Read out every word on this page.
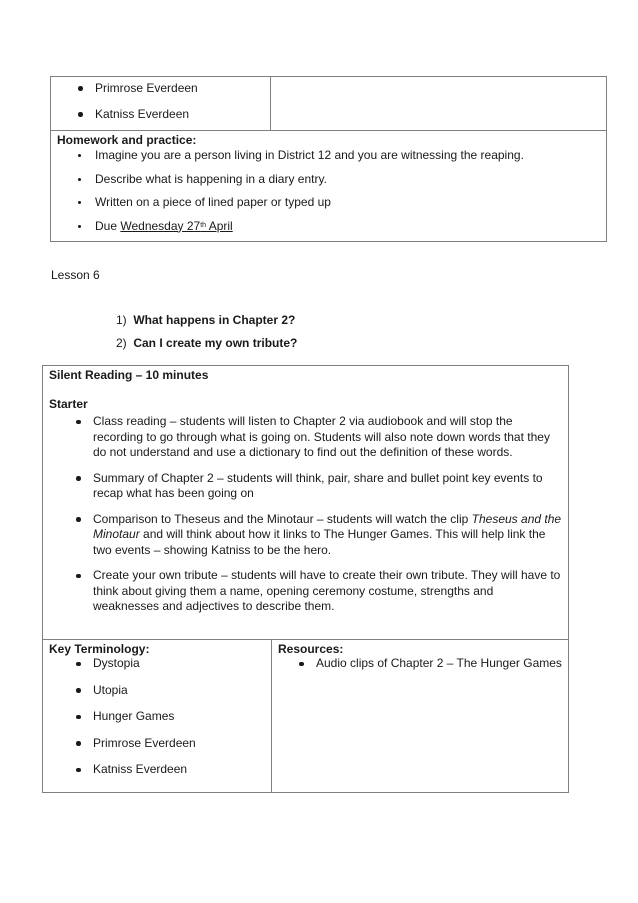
Primrose Everdeen
Katniss Everdeen

Homework and practice:
Imagine you are a person living in District 12 and you are witnessing the reaping.
Describe what is happening in a diary entry.
Written on a piece of lined paper or typed up
Due Wednesday 27th April
Lesson 6
1) What happens in Chapter 2?
2) Can I create my own tribute?
Silent Reading – 10 minutes
Starter
Class reading – students will listen to Chapter 2 via audiobook and will stop the recording to go through what is going on. Students will also note down words that they do not understand and use a dictionary to find out the definition of these words.
Summary of Chapter 2 – students will think, pair, share and bullet point key events to recap what has been going on
Comparison to Theseus and the Minotaur – students will watch the clip Theseus and the Minotaur and will think about how it links to The Hunger Games. This will help link the two events – showing Katniss to be the hero.
Create your own tribute – students will have to create their own tribute. They will have to think about giving them a name, opening ceremony costume, strengths and weaknesses and adjectives to describe them.

Key Terminology:
Dystopia
Utopia
Hunger Games
Primrose Everdeen
Katniss Everdeen

Resources:
Audio clips of Chapter 2 – The Hunger Games
